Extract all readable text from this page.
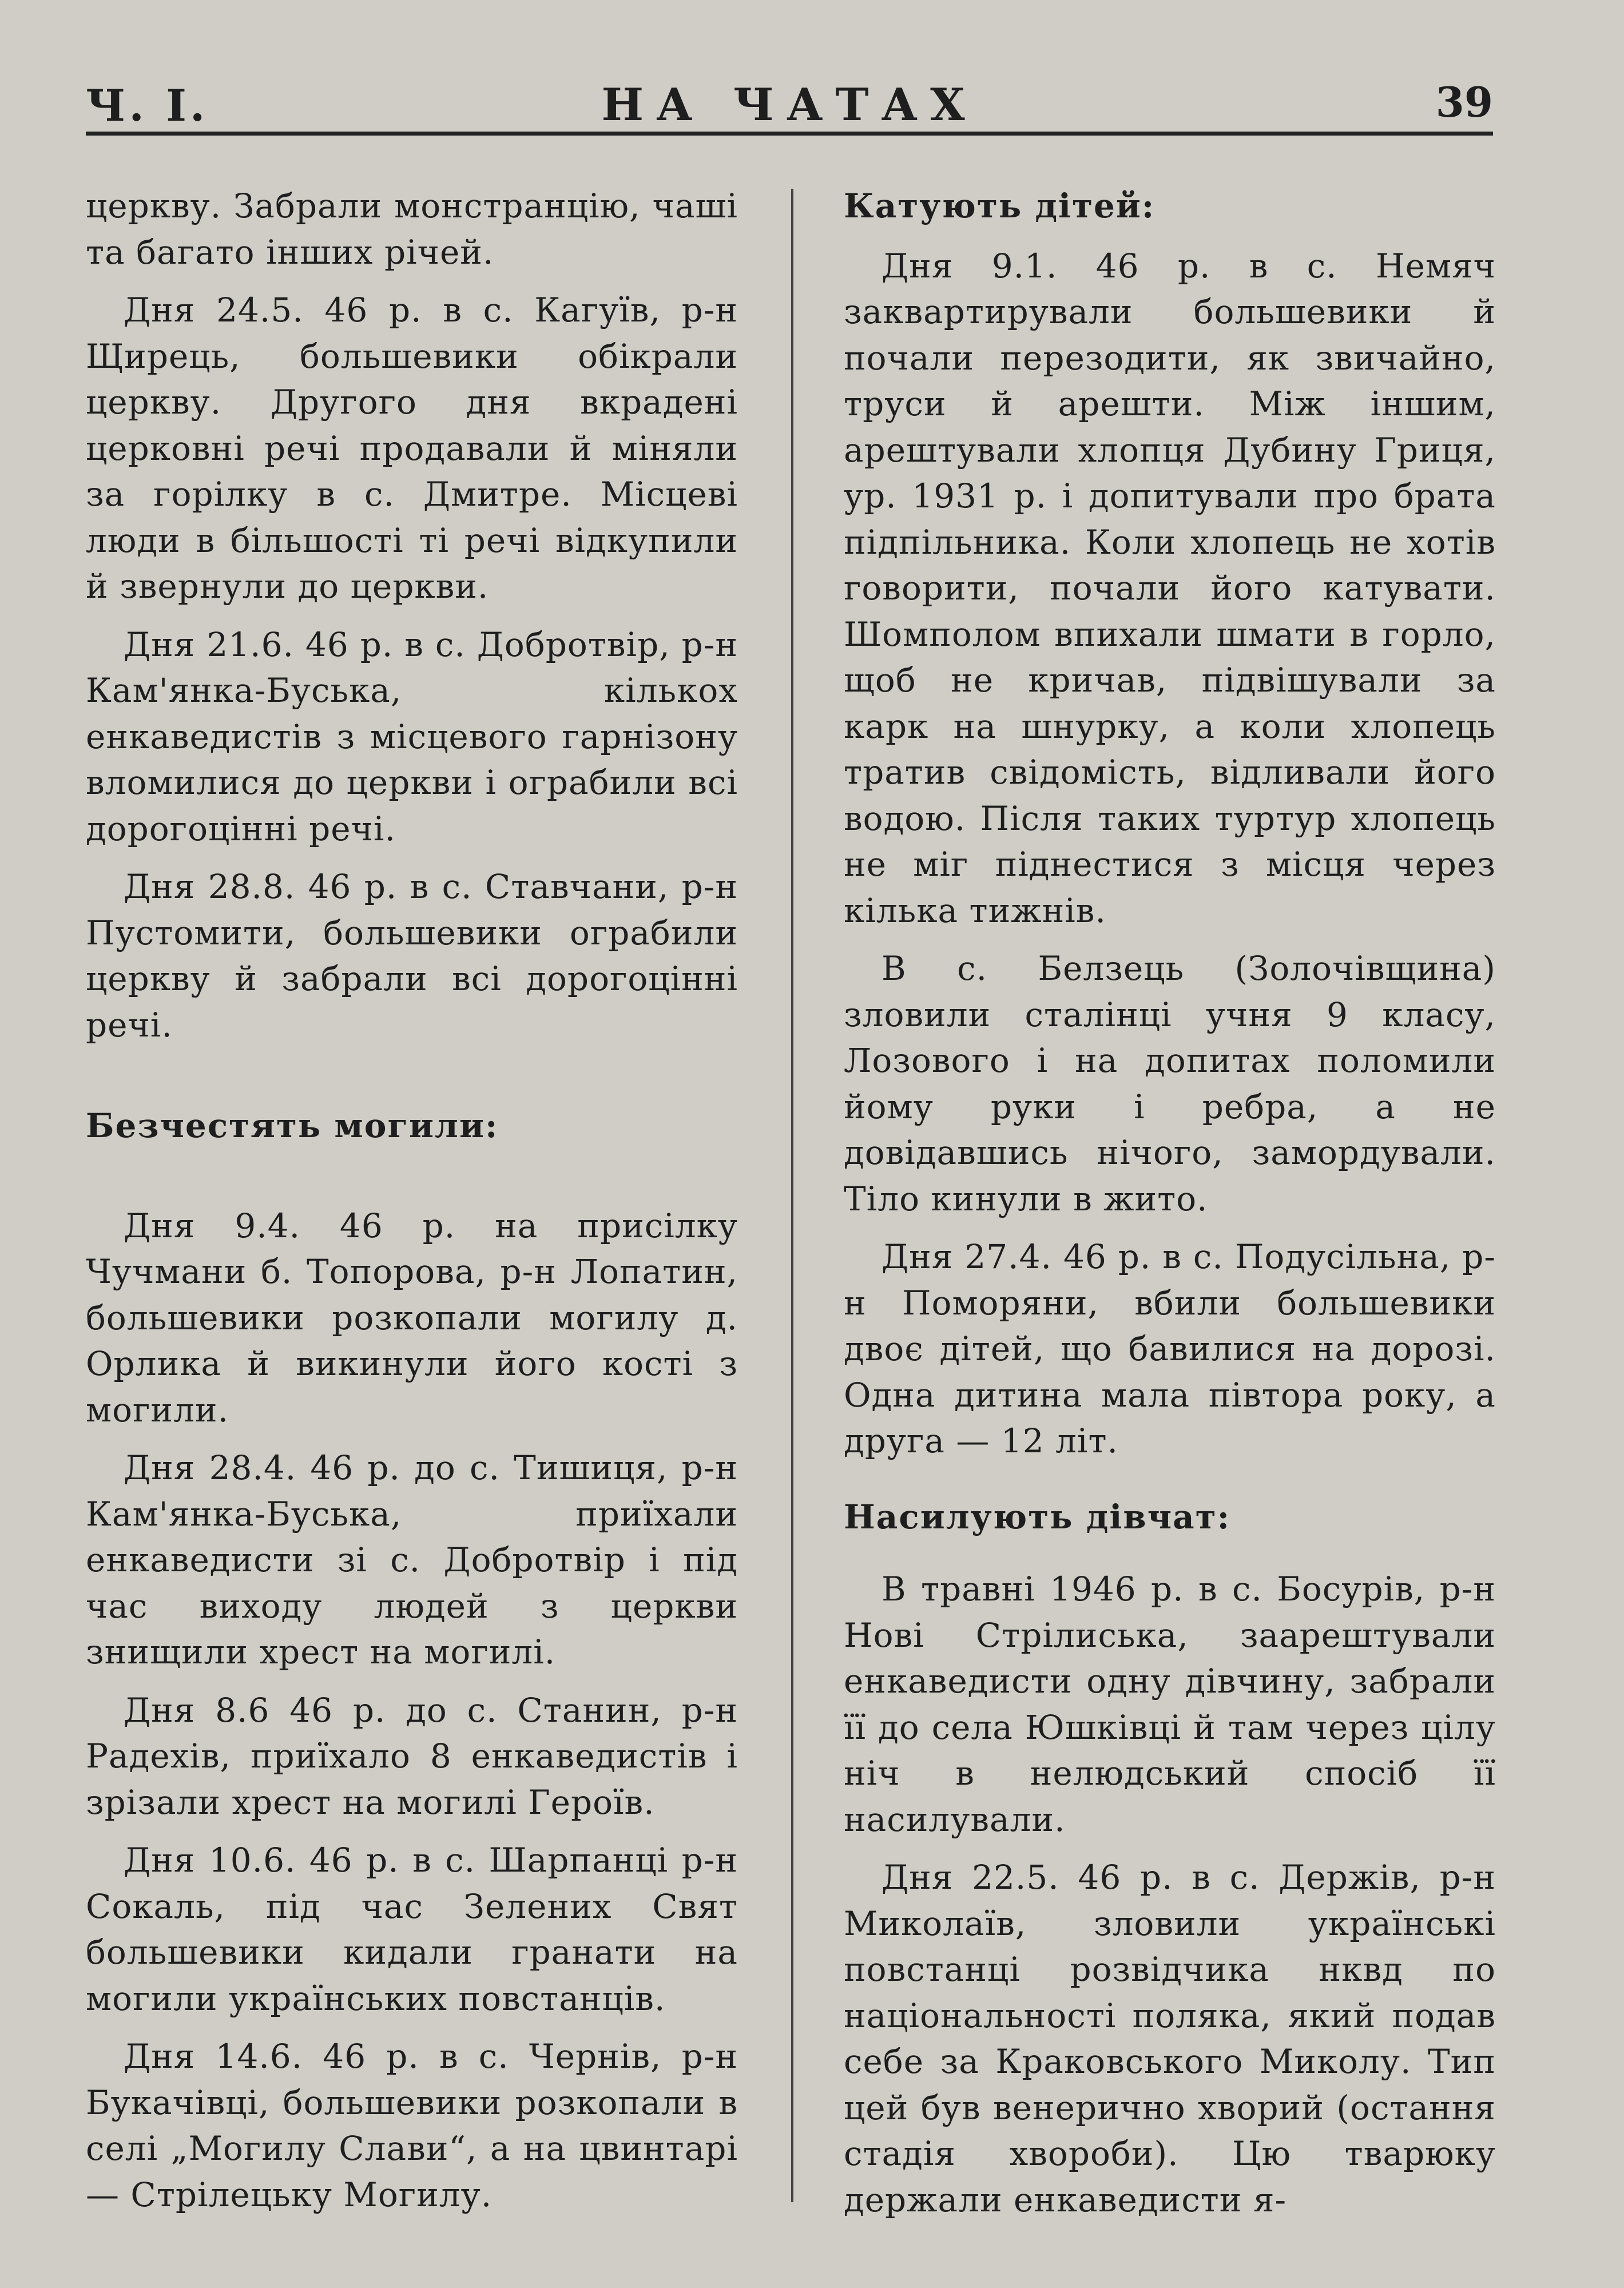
Ч. I.	НА ЧАТАХ	39

церкву. Забрали монстранцію, чаші та багато інших річей.

Дня 24.5. 46 р. в с. Кагуїв, р-н Щирець, большевики обікрали церкву. Другого дня вкрадені церковні речі продавали й міняли за горілку в с. Дмитре. Місцеві люди в більшості ті речі відкупили й звернули до церкви.

Дня 21.6. 46 р. в с. Добротвір, р-н Кам'янка-Буська, кількох енкаведистів з місцевого гарнізону вломилися до церкви і ограбили всі дорогоцінні речі.

Дня 28.8. 46 р. в с. Ставчани, р-н Пустомити, большевики ограбили церкву й забрали всі дорогоцінні речі.

Безчестять могили:

Дня 9.4. 46 р. на присілку Чучмани б. Топорова, р-н Лопатин, большевики розкопали могилу д. Орлика й викинули його кості з могили.

Дня 28.4. 46 р. до с. Тишиця, р-н Кам'янка-Буська, приїхали енкаведисти зі с. Добротвір і під час виходу людей з церкви знищили хрест на могилі.

Дня 8.6 46 р. до с. Станин, р-н Радехів, приїхало 8 енкаведистів і зрізали хрест на могилі Героїв.

Дня 10.6. 46 р. в с. Шарпанці р-н Сокаль, під час Зелених Свят большевики кидали гранати на могили українських повстанців.

Дня 14.6. 46 р. в с. Чернів, р-н Букачівці, большевики розкопали в селі „Могилу Слави“, а на цвинтарі — Стрілецьку Могилу.

Катують дітей:

Дня 9.1. 46 р. в с. Немяч заквартирували большевики й почали перезодити, як звичайно, труси й арешти. Між іншим, арештували хлопця Дубину Гриця, ур. 1931 р. і допитували про брата підпільника. Коли хлопець не хотів говорити, почали його катувати. Шомполом впихали шмати в горло, щоб не кричав, підвішували за карк на шнурку, а коли хлопець тратив свідомість, відливали його водою. Після таких туртур хлопець не міг піднестися з місця через кілька тижнів.

В с. Белзець (Золочівщина) зловили сталінці учня 9 класу, Лозового і на допитах поломили йому руки і ребра, а не довідавшись нічого, замордували. Тіло кинули в жито.

Дня 27.4. 46 р. в с. Подусільна, р-н Поморяни, вбили большевики двоє дітей, що бавилися на дорозі. Одна дитина мала півтора року, а друга — 12 літ.

Насилують дівчат:

В травні 1946 р. в с. Босурів, р-н Нові Стрілиська, заарештували енкаведисти одну дівчину, забрали її до села Юшківці й там через цілу ніч в нелюдський спосіб її насилували.

Дня 22.5. 46 р. в с. Держів, р-н Миколаїв, зловили українські повстанці розвідчика нквд по національності поляка, який подав себе за Краковського Миколу. Тип цей був венерично хворий (остання стадія хвороби). Цю тварюку держали енкаведисти я-
